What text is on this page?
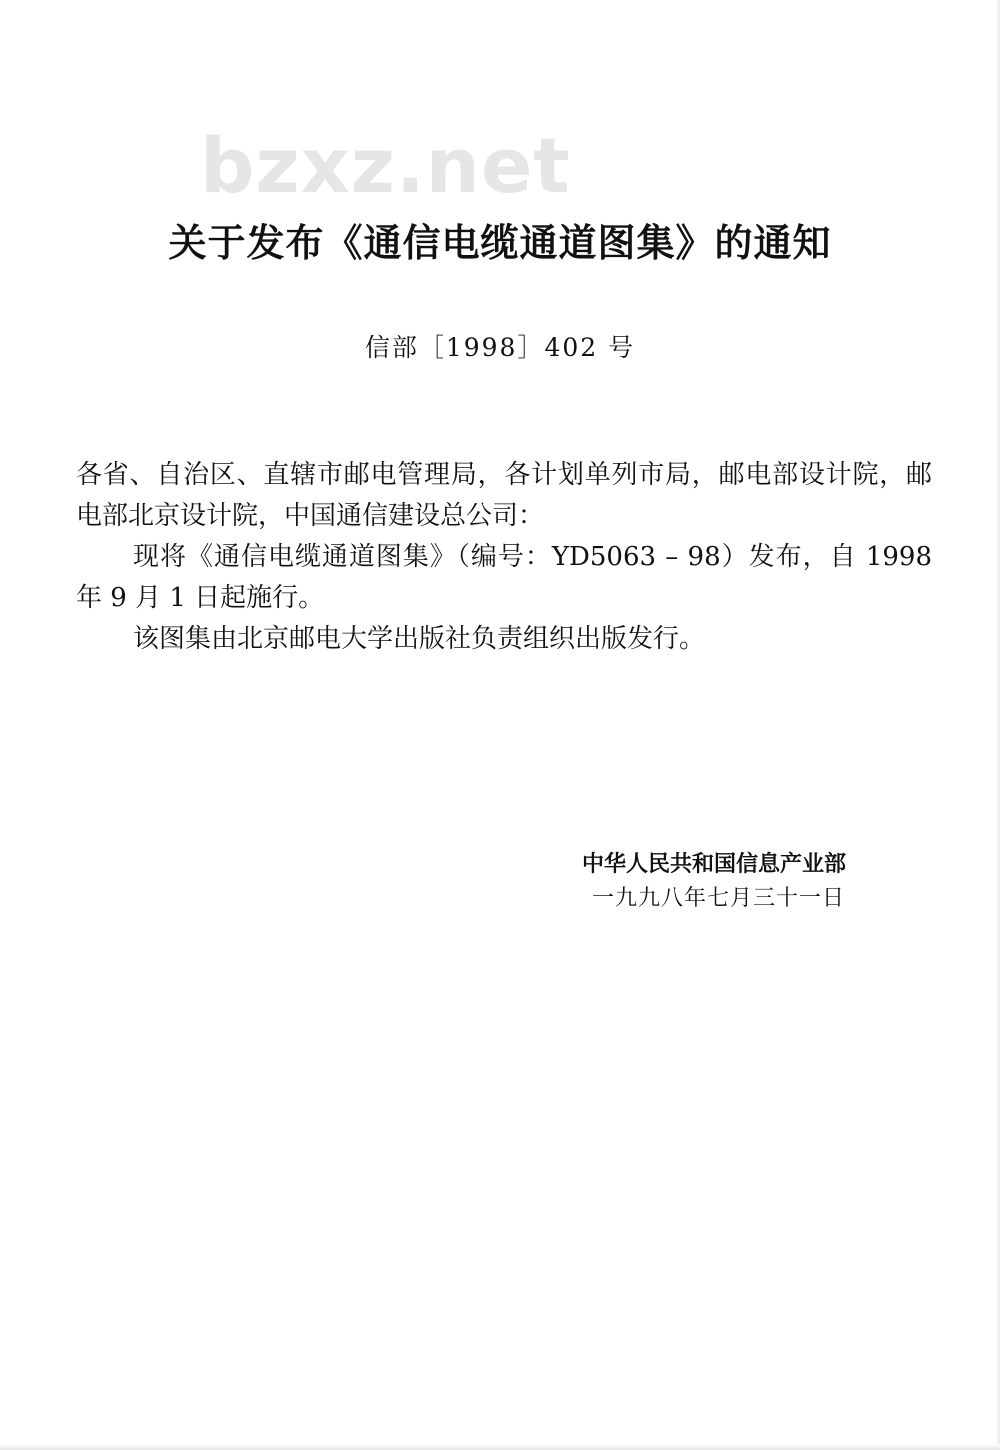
bzxz.net
关于发布《通信电缆通道图集》的通知
信部［1998］402 号

各省、自治区、直辖市邮电管理局，各计划单列市局，邮电部设计院，邮电部北京设计院，中国通信建设总公司：

现将《通信电缆通道图集》（编号：YD5063 – 98）发布，自 1998 年 9 月 1 日起施行。

该图集由北京邮电大学出版社负责组织出版发行。

中华人民共和国信息产业部
一九九八年七月三十一日
